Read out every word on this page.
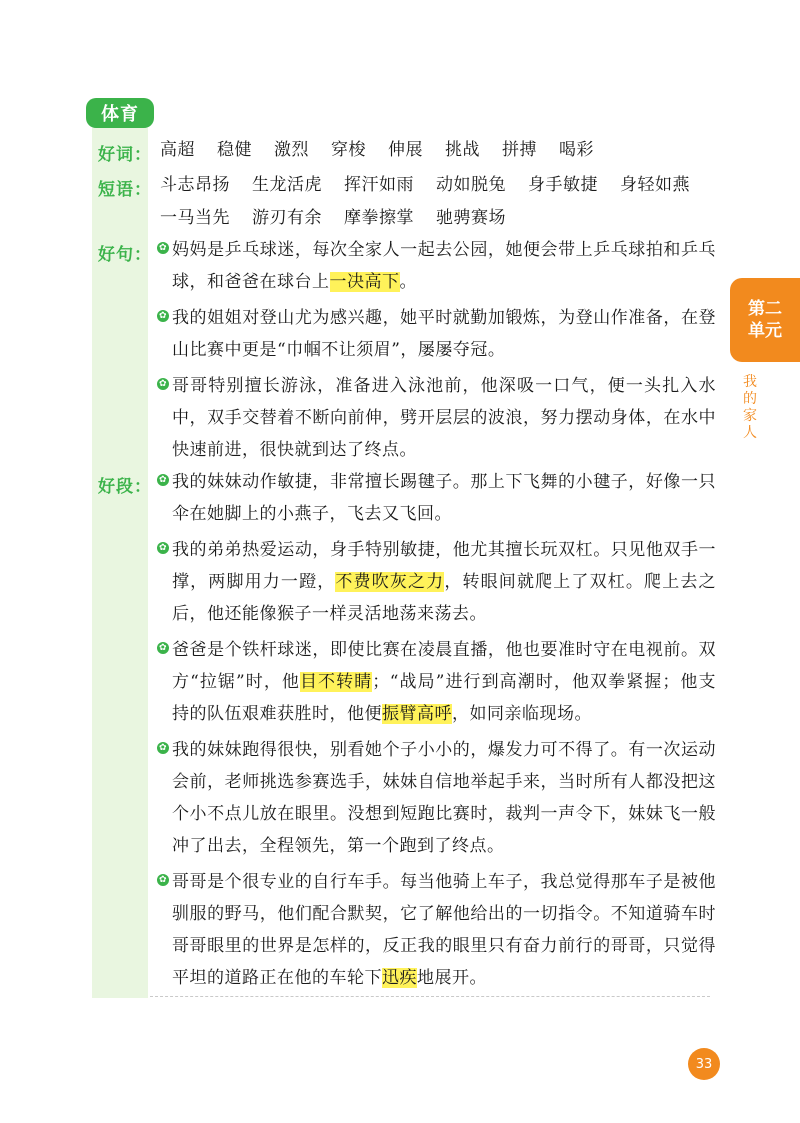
体育
好词： 高超 稳健 激烈 穿梭 伸展 挑战 拼搏 喝彩
短语： 斗志昂扬 生龙活虎 挥汗如雨 动如脱兔 身手敏捷 身轻如燕
一马当先 游刃有余 摩拳擦掌 驰骋赛场
好句： ✿ 妈妈是乒乓球迷，每次全家人一起去公园，她便会带上乒乓球拍和乒乓球，和爸爸在球台上一决高下。
✿ 我的姐姐对登山尤为感兴趣，她平时就勤加锻炼，为登山作准备，在登山比赛中更是“巾帼不让须眉”，屡屡夺冠。
✿ 哥哥特别擅长游泳，准备进入泳池前，他深吸一口气，便一头扎入水中，双手交替着不断向前伸，劈开层层的波浪，努力摆动身体，在水中快速前进，很快就到达了终点。
好段： ✿ 我的妹妹动作敏捷，非常擅长踢毽子。那上下飞舞的小毽子，好像一只伞在她脚上的小燕子，飞去又飞回。
✿ 我的弟弟热爱运动，身手特别敏捷，他尤其擅长玩双杠。只见他双手一撑，两脚用力一蹬，不费吹灰之力，转眼间就爬上了双杠。爬上去之后，他还能像猴子一样灵活地荡来荡去。
✿ 爸爸是个铁杆球迷，即使比赛在凌晨直播，他也要准时守在电视前。双方“拉锯”时，他目不转睛；“战局”进行到高潮时，他双拳紧握；他支持的队伍艰难获胜时，他便振臂高呼，如同亲临现场。
✿ 我的妹妹跑得很快，别看她个子小小的，爆发力可不得了。有一次运动会前，老师挑选参赛选手，妹妹自信地举起手来，当时所有人都没把这个小不点儿放在眼里。没想到短跑比赛时，裁判一声令下，妹妹飞一般冲了出去，全程领先，第一个跑到了终点。
✿ 哥哥是个很专业的自行车手。每当他骑上车子，我总觉得那车子是被他驯服的野马，他们配合默契，它了解他给出的一切指令。不知道骑车时哥哥眼里的世界是怎样的，反正我的眼里只有奋力前行的哥哥，只觉得平坦的道路正在他的车轮下迅疾地展开。
第二单元
我的家人
33
